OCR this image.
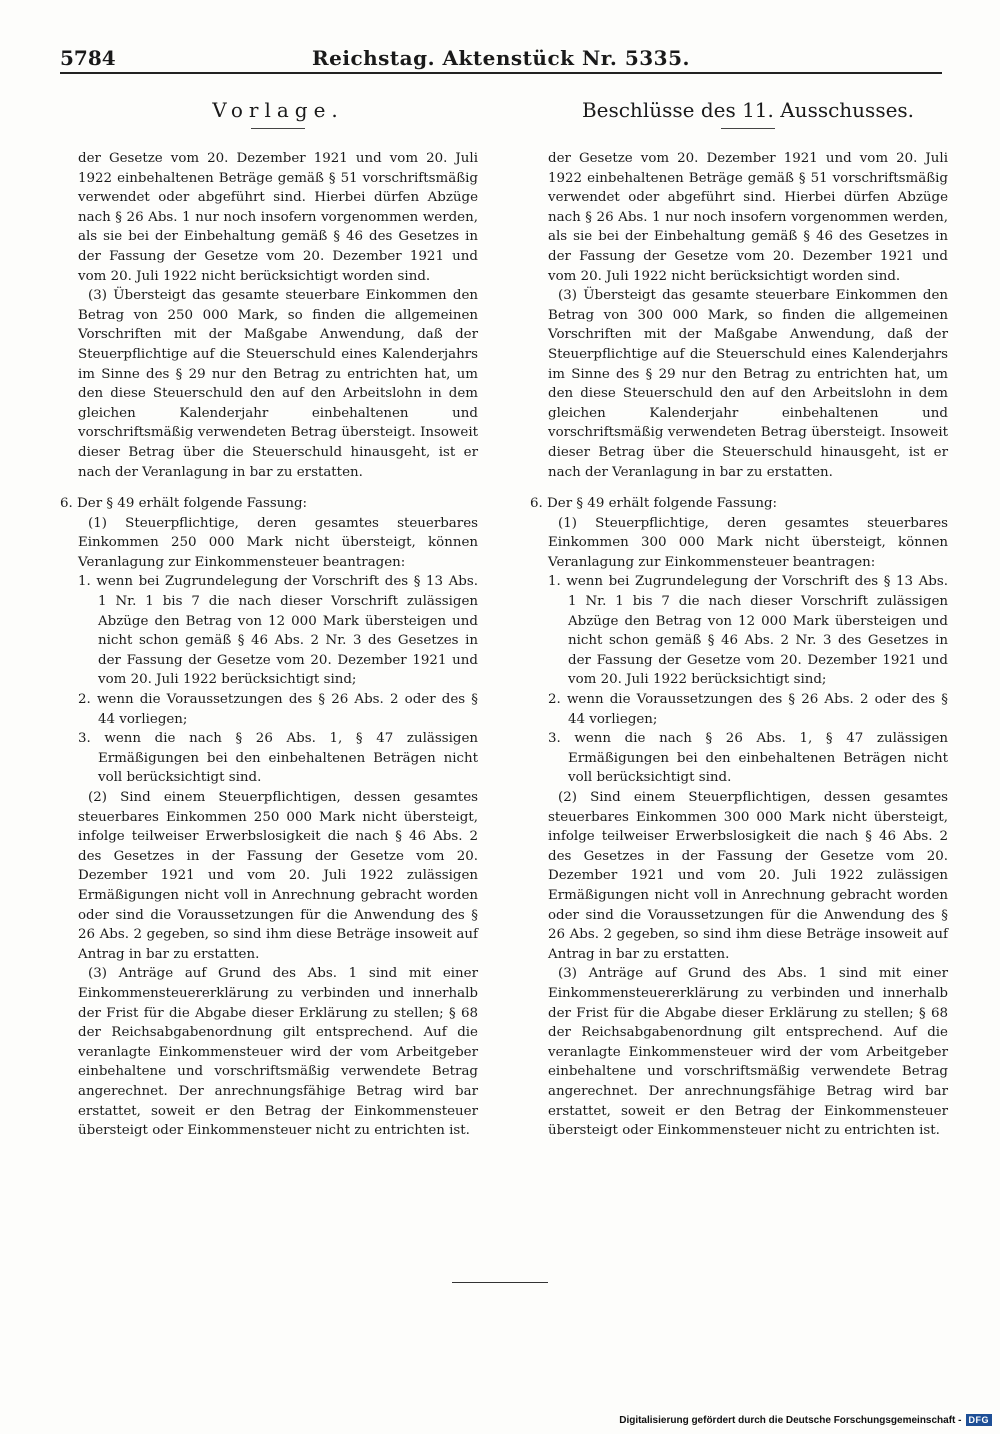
5784	Reichstag. Aktenstück Nr. 5335.
Vorlage.

der Gesetze vom 20. Dezember 1921 und vom 20. Juli 1922 einbehaltenen Beträge gemäß § 51 vorschriftsmäßig verwendet oder abgeführt sind. Hierbei dürfen Abzüge nach § 26 Abs. 1 nur noch insofern vorgenommen werden, als sie bei der Einbehaltung gemäß § 46 des Gesetzes in der Fassung der Gesetze vom 20. Dezember 1921 und vom 20. Juli 1922 nicht berücksichtigt worden sind.

(3) Übersteigt das gesamte steuerbare Einkommen den Betrag von 250 000 Mark, so finden die allgemeinen Vorschriften mit der Maßgabe Anwendung, daß der Steuerpflichtige auf die Steuerschuld eines Kalenderjahrs im Sinne des § 29 nur den Betrag zu entrichten hat, um den diese Steuerschuld den auf den Arbeitslohn in dem gleichen Kalenderjahr einbehaltenen und vorschriftsmäßig verwendeten Betrag übersteigt. Insoweit dieser Betrag über die Steuerschuld hinausgeht, ist er nach der Veranlagung in bar zu erstatten.

6. Der § 49 erhält folgende Fassung:

(1) Steuerpflichtige, deren gesamtes steuerbares Einkommen 250 000 Mark nicht übersteigt, können Veranlagung zur Einkommensteuer beantragen:

1. wenn bei Zugrundelegung der Vorschrift des § 13 Abs. 1 Nr. 1 bis 7 die nach dieser Vorschrift zulässigen Abzüge den Betrag von 12 000 Mark übersteigen und nicht schon gemäß § 46 Abs. 2 Nr. 3 des Gesetzes in der Fassung der Gesetze vom 20. Dezember 1921 und vom 20. Juli 1922 berücksichtigt sind;

2. wenn die Voraussetzungen des § 26 Abs. 2 oder des § 44 vorliegen;

3. wenn die nach § 26 Abs. 1, § 47 zulässigen Ermäßigungen bei den einbehaltenen Beträgen nicht voll berücksichtigt sind.

(2) Sind einem Steuerpflichtigen, dessen gesamtes steuerbares Einkommen 250 000 Mark nicht übersteigt, infolge teilweiser Erwerbslosigkeit die nach § 46 Abs. 2 des Gesetzes in der Fassung der Gesetze vom 20. Dezember 1921 und vom 20. Juli 1922 zulässigen Ermäßigungen nicht voll in Anrechnung gebracht worden oder sind die Voraussetzungen für die Anwendung des § 26 Abs. 2 gegeben, so sind ihm diese Beträge insoweit auf Antrag in bar zu erstatten.

(3) Anträge auf Grund des Abs. 1 sind mit einer Einkommensteuererklärung zu verbinden und innerhalb der Frist für die Abgabe dieser Erklärung zu stellen; § 68 der Reichsabgabenordnung gilt entsprechend. Auf die veranlagte Einkommensteuer wird der vom Arbeitgeber einbehaltene und vorschriftsmäßig verwendete Betrag angerechnet. Der anrechnungsfähige Betrag wird bar erstattet, soweit er den Betrag der Einkommensteuer übersteigt oder Einkommensteuer nicht zu entrichten ist.

Beschlüsse des 11. Ausschusses.

der Gesetze vom 20. Dezember 1921 und vom 20. Juli 1922 einbehaltenen Beträge gemäß § 51 vorschriftsmäßig verwendet oder abgeführt sind. Hierbei dürfen Abzüge nach § 26 Abs. 1 nur noch insofern vorgenommen werden, als sie bei der Einbehaltung gemäß § 46 des Gesetzes in der Fassung der Gesetze vom 20. Dezember 1921 und vom 20. Juli 1922 nicht berücksichtigt worden sind.

(3) Übersteigt das gesamte steuerbare Einkommen den Betrag von 300 000 Mark, so finden die allgemeinen Vorschriften mit der Maßgabe Anwendung, daß der Steuerpflichtige auf die Steuerschuld eines Kalenderjahrs im Sinne des § 29 nur den Betrag zu entrichten hat, um den diese Steuerschuld den auf den Arbeitslohn in dem gleichen Kalenderjahr einbehaltenen und vorschriftsmäßig verwendeten Betrag übersteigt. Insoweit dieser Betrag über die Steuerschuld hinausgeht, ist er nach der Veranlagung in bar zu erstatten.

6. Der § 49 erhält folgende Fassung:

(1) Steuerpflichtige, deren gesamtes steuerbares Einkommen 300 000 Mark nicht übersteigt, können Veranlagung zur Einkommensteuer beantragen:

1. wenn bei Zugrundelegung der Vorschrift des § 13 Abs. 1 Nr. 1 bis 7 die nach dieser Vorschrift zulässigen Abzüge den Betrag von 12 000 Mark übersteigen und nicht schon gemäß § 46 Abs. 2 Nr. 3 des Gesetzes in der Fassung der Gesetze vom 20. Dezember 1921 und vom 20. Juli 1922 berücksichtigt sind;

2. wenn die Voraussetzungen des § 26 Abs. 2 oder des § 44 vorliegen;

3. wenn die nach § 26 Abs. 1, § 47 zulässigen Ermäßigungen bei den einbehaltenen Beträgen nicht voll berücksichtigt sind.

(2) Sind einem Steuerpflichtigen, dessen gesamtes steuerbares Einkommen 300 000 Mark nicht übersteigt, infolge teilweiser Erwerbslosigkeit die nach § 46 Abs. 2 des Gesetzes in der Fassung der Gesetze vom 20. Dezember 1921 und vom 20. Juli 1922 zulässigen Ermäßigungen nicht voll in Anrechnung gebracht worden oder sind die Voraussetzungen für die Anwendung des § 26 Abs. 2 gegeben, so sind ihm diese Beträge insoweit auf Antrag in bar zu erstatten.

(3) Anträge auf Grund des Abs. 1 sind mit einer Einkommensteuererklärung zu verbinden und innerhalb der Frist für die Abgabe dieser Erklärung zu stellen; § 68 der Reichsabgabenordnung gilt entsprechend. Auf die veranlagte Einkommensteuer wird der vom Arbeitgeber einbehaltene und vorschriftsmäßig verwendete Betrag angerechnet. Der anrechnungsfähige Betrag wird bar erstattet, soweit er den Betrag der Einkommensteuer übersteigt oder Einkommensteuer nicht zu entrichten ist.

Digitalisierung gefördert durch die Deutsche Forschungsgemeinschaft - DFG
